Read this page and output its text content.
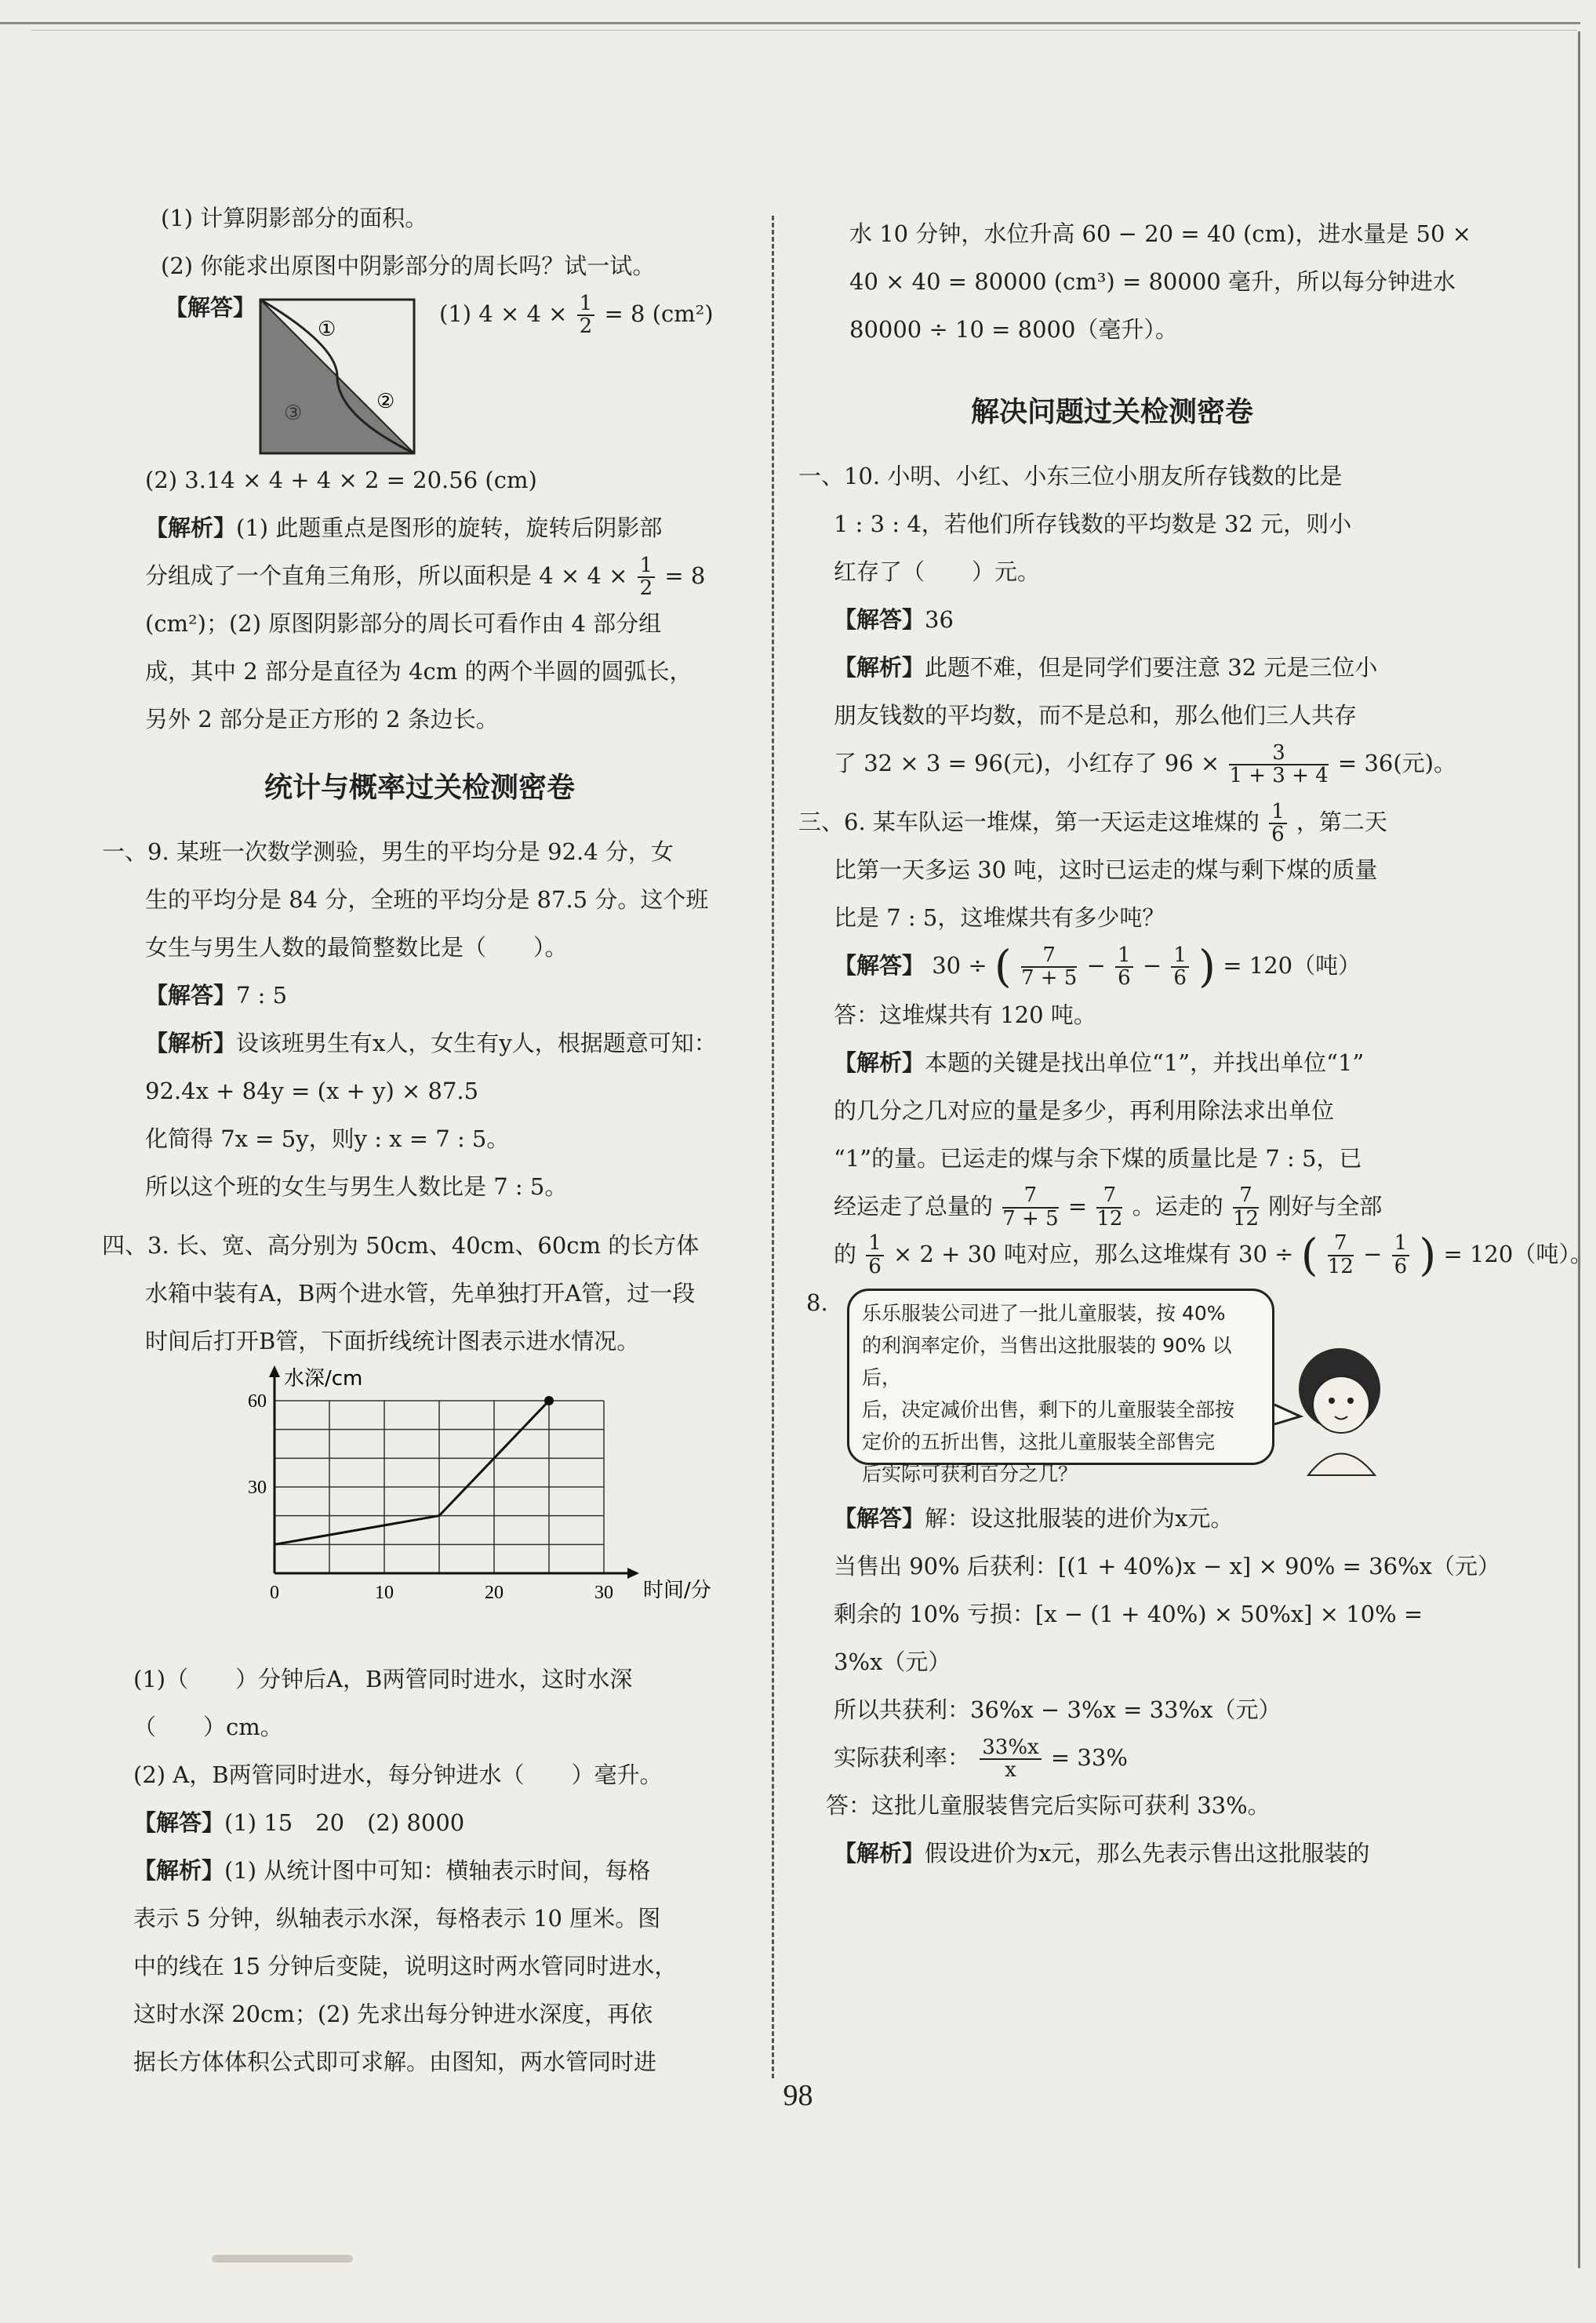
(1) 计算阴影部分的面积。
(2) 你能求出原图中阴影部分的周长吗？试一试。
【解答】
①
②
③
(1) $4 \times 4 \times \frac{1}{2} = 8$ (cm²)
(2) 3.14 × 4 + 4 × 2 = 20.56 (cm)
【解析】(1) 此题重点是图形的旋转，旋转后阴影部
分组成了一个直角三角形，所以面积是 $4 \times 4 \times \frac{1}{2} = 8$
(cm²)；(2) 原图阴影部分的周长可看作由 4 部分组
成，其中 2 部分是直径为 4cm 的两个半圆的圆弧长，
另外 2 部分是正方形的 2 条边长。
统计与概率过关检测密卷
一、9. 某班一次数学测验，男生的平均分是 92.4 分，女
生的平均分是 84 分，全班的平均分是 87.5 分。这个班
女生与男生人数的最简整数比是（ ）。
【解答】7 : 5
【解析】设该班男生有x人，女生有y人，根据题意可知：
92.4x + 84y = (x + y) × 87.5
化简得 7x = 5y，则y : x = 7 : 5。
所以这个班的女生与男生人数比是 7 : 5。
四、3. 长、宽、高分别为 50cm、40cm、60cm 的长方体
水箱中装有A，B两个进水管，先单独打开A管，过一段
时间后打开B管，下面折线统计图表示进水情况。
0	10	20	30
30
60
时间/分
水深/cm
(1)（ ）分钟后A，B两管同时进水，这时水深
（ ）cm。
(2) A，B两管同时进水，每分钟进水（ ）毫升。
【解答】(1) 15　20　(2) 8000
【解析】(1) 从统计图中可知：横轴表示时间，每格
表示 5 分钟，纵轴表示水深，每格表示 10 厘米。图
中的线在 15 分钟后变陡，说明这时两水管同时进水，
这时水深 20cm；(2) 先求出每分钟进水深度，再依
据长方体体积公式即可求解。由图知，两水管同时进
水 10 分钟，水位升高 60 − 20 = 40 (cm)，进水量是 50 ×
40 × 40 = 80000 (cm³) = 80000 毫升，所以每分钟进水
80000 ÷ 10 = 8000（毫升）。
解决问题过关检测密卷
一、10. 小明、小红、小东三位小朋友所存钱数的比是
1 : 3 : 4，若他们所存钱数的平均数是 32 元，则小
红存了（ ）元。
【解答】36
【解析】此题不难，但是同学们要注意 32 元是三位小
朋友钱数的平均数，而不是总和，那么他们三人共存
了 32 × 3 = 96(元)，小红存了 $96 \times \frac{3}{1 + 3 + 4} = 36$(元)。
三、6. 某车队运一堆煤，第一天运走这堆煤的 $\frac{1}{6}$ ，第二天
比第一天多运 30 吨，这时已运走的煤与剩下煤的质量
比是 7 : 5，这堆煤共有多少吨？
【解答】 30 ÷ ( $\frac{7}{7 + 5} - \frac{1}{6} - \frac{1}{6}$ ) = 120（吨）
答：这堆煤共有 120 吨。
【解析】本题的关键是找出单位“1”，并找出单位“1”
的几分之几对应的量是多少，再利用除法求出单位
“1”的量。已运走的煤与余下煤的质量比是 7 : 5，已
经运走了总量的 $\frac{7}{7 + 5} = \frac{7}{12}$ 。运走的 $\frac{7}{12}$ 刚好与全部
的 $\frac{1}{6} \times 2 + 30$ 吨对应，那么这堆煤有 30 ÷ ( $\frac{7}{12} - \frac{1}{6}$ ) = 120（吨）。
8. 乐乐服装公司进了一批儿童服装，按 40%
的利润率定价，当售出这批服装的 90% 以后，
后，决定减价出售，剩下的儿童服装全部按
定价的五折出售，这批儿童服装全部售完
后实际可获利百分之几？
【解答】解：设这批服装的进价为x元。
当售出 90% 后获利：[(1 + 40%)x − x] × 90% = 36%x（元）
剩余的 10% 亏损：[x − (1 + 40%) × 50%x] × 10% =
3%x（元）
所以共获利：36%x − 3%x = 33%x（元）
实际获利率： $\frac{33\%x}{x} = 33\%$
答：这批儿童服装售完后实际可获利 33%。
【解析】假设进价为x元，那么先表示售出这批服装的
98
